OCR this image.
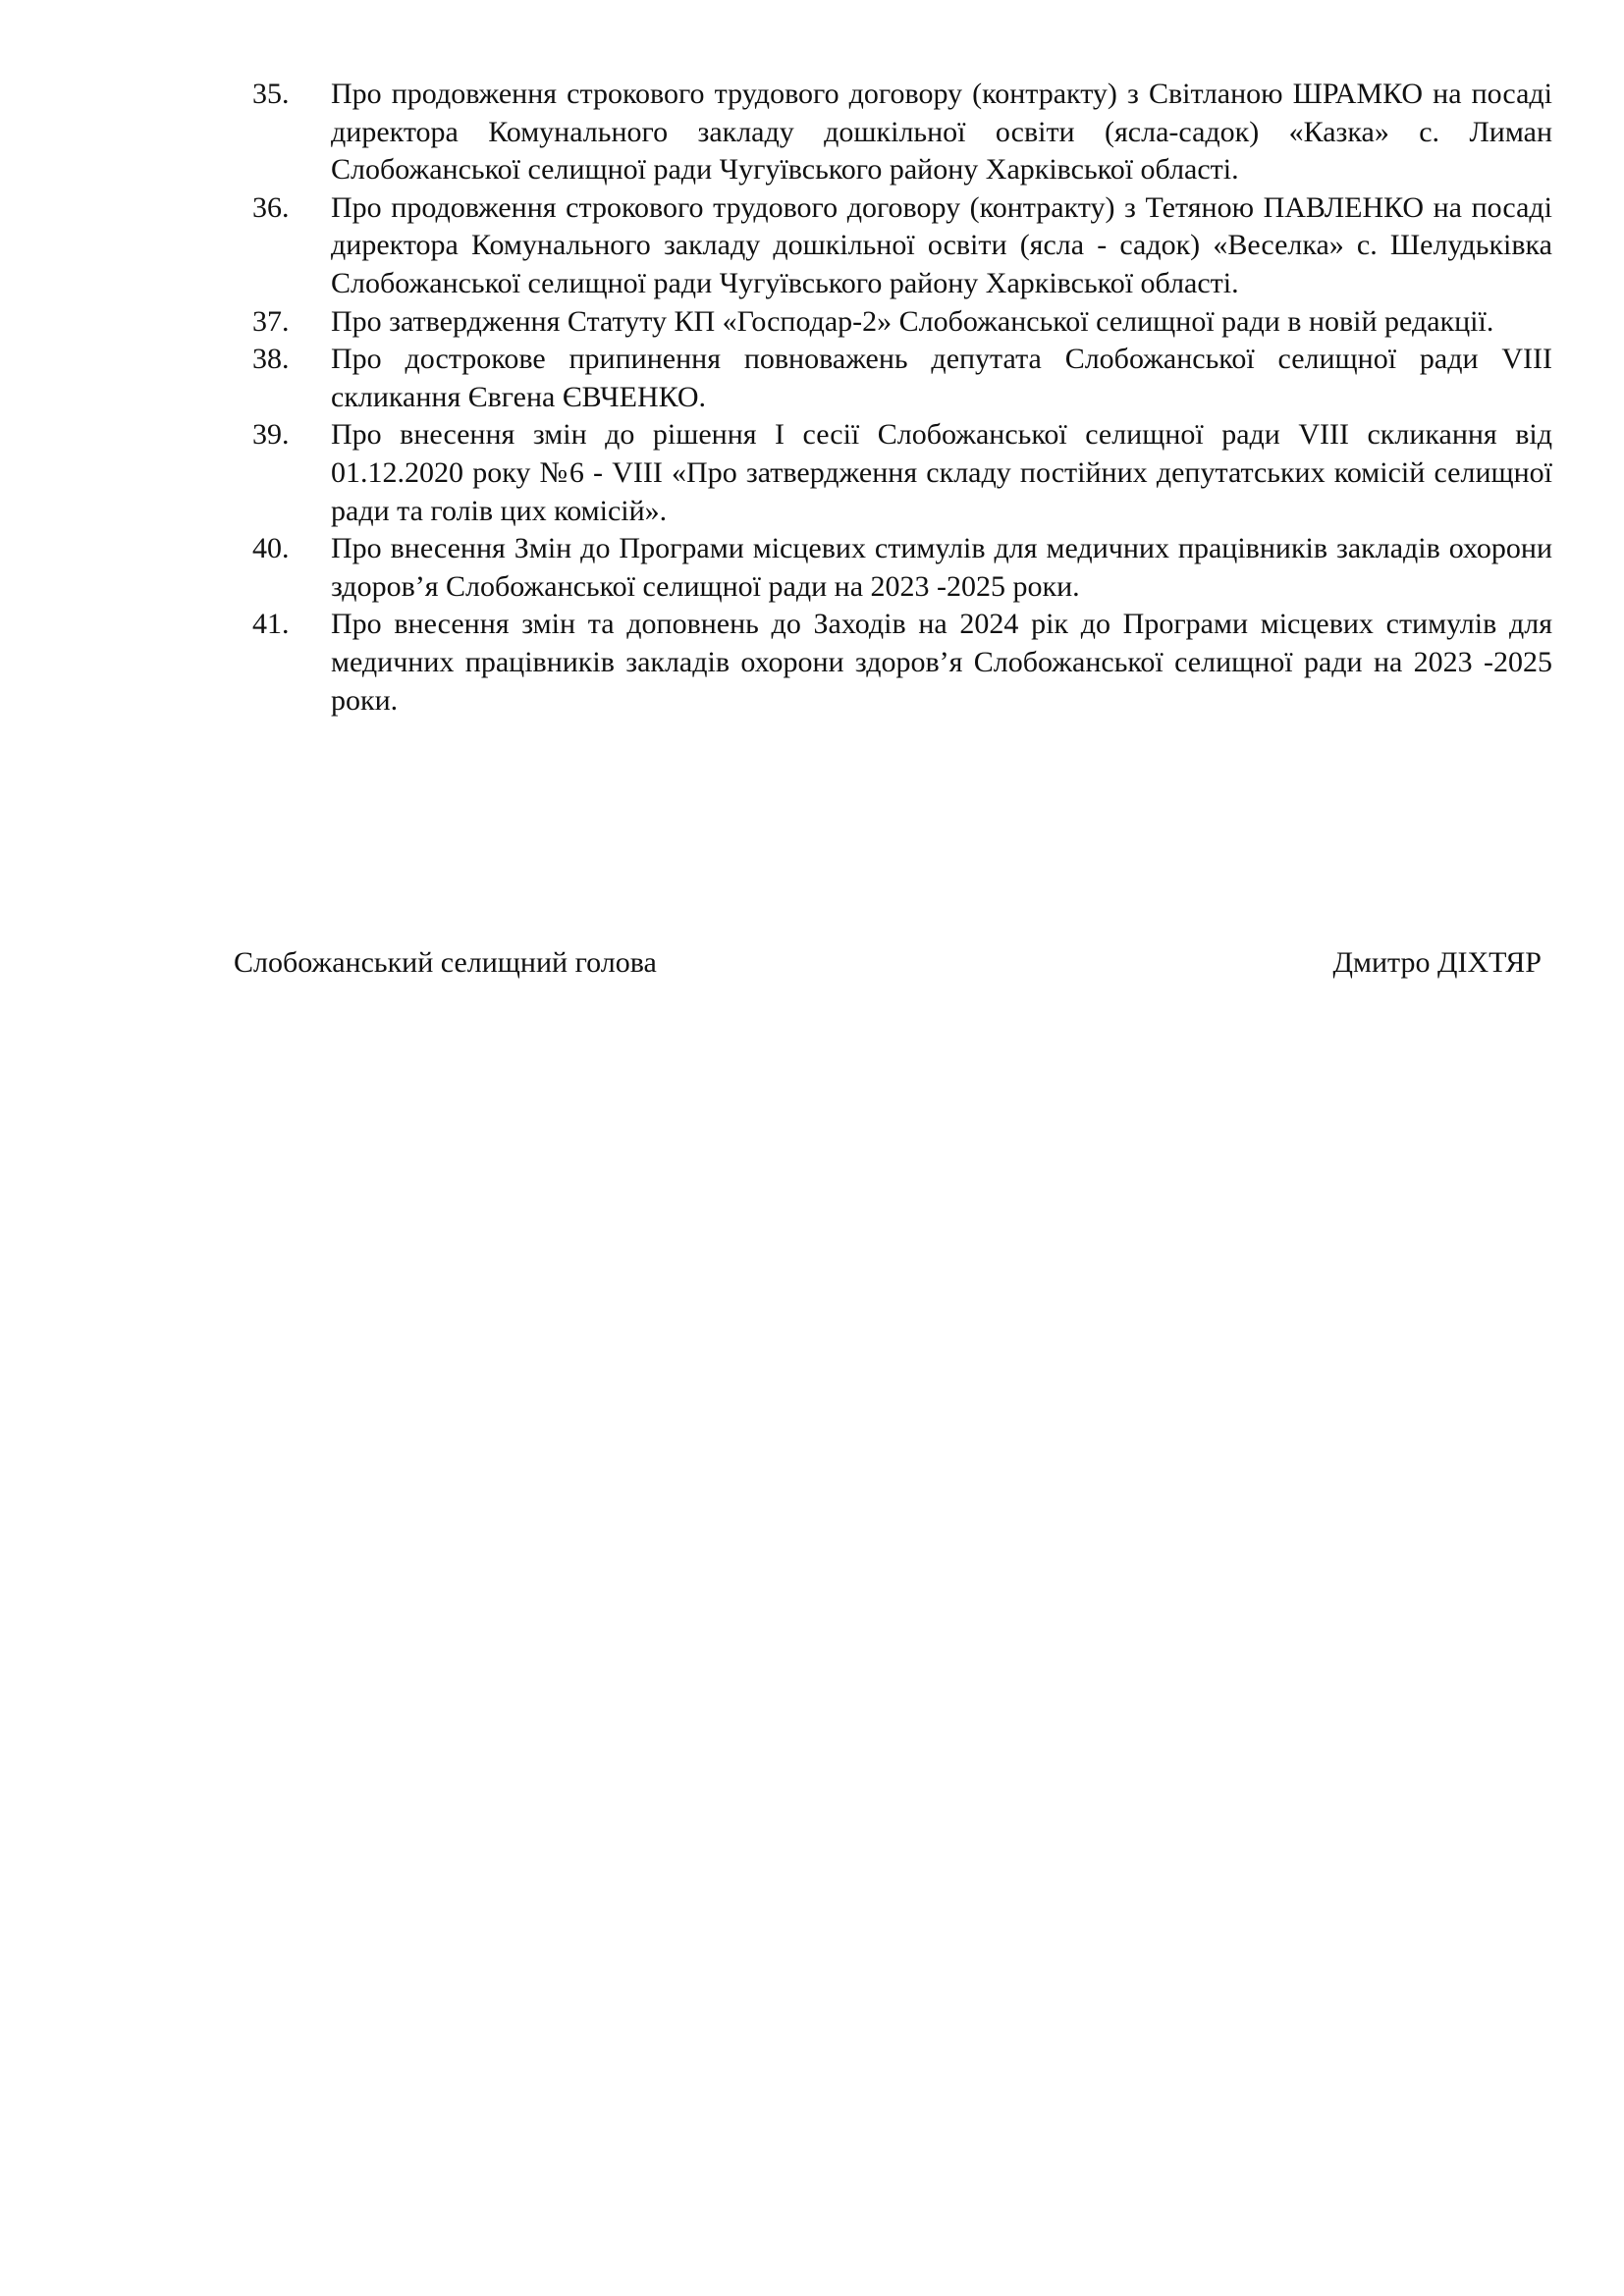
35.	Про продовження строкового трудового договору (контракту) з Світланою ШРАМКО на посаді директора Комунального закладу дошкільної освіти (ясла-садок) «Казка» с. Лиман Слобожанської селищної ради Чугуївського району Харківської області.

36.	Про продовження строкового трудового договору (контракту) з Тетяною ПАВЛЕНКО на посаді директора Комунального закладу дошкільної освіти (ясла - садок) «Веселка» с. Шелудьківка Слобожанської селищної ради Чугуївського району Харківської області.

37.	Про затвердження Статуту КП «Господар-2» Слобожанської селищної ради в новій редакції.

38.	Про дострокове припинення повноважень депутата Слобожанської селищної ради VIII скликання Євгена ЄВЧЕНКО.

39.	Про внесення змін до рішення І сесії Слобожанської селищної ради VIII скликання від 01.12.2020 року №6 - VIII «Про затвердження складу постійних депутатських комісій селищної ради та голів цих комісій».

40.	Про внесення Змін до Програми місцевих стимулів для медичних працівників закладів охорони здоров’я Слобожанської селищної ради на 2023 -2025 роки.

41.	Про внесення змін та доповнень до Заходів на 2024 рік до Програми місцевих стимулів для медичних працівників закладів охорони здоров’я Слобожанської селищної ради на 2023 -2025 роки.

Слобожанський селищний голова	Дмитро ДІХТЯР
